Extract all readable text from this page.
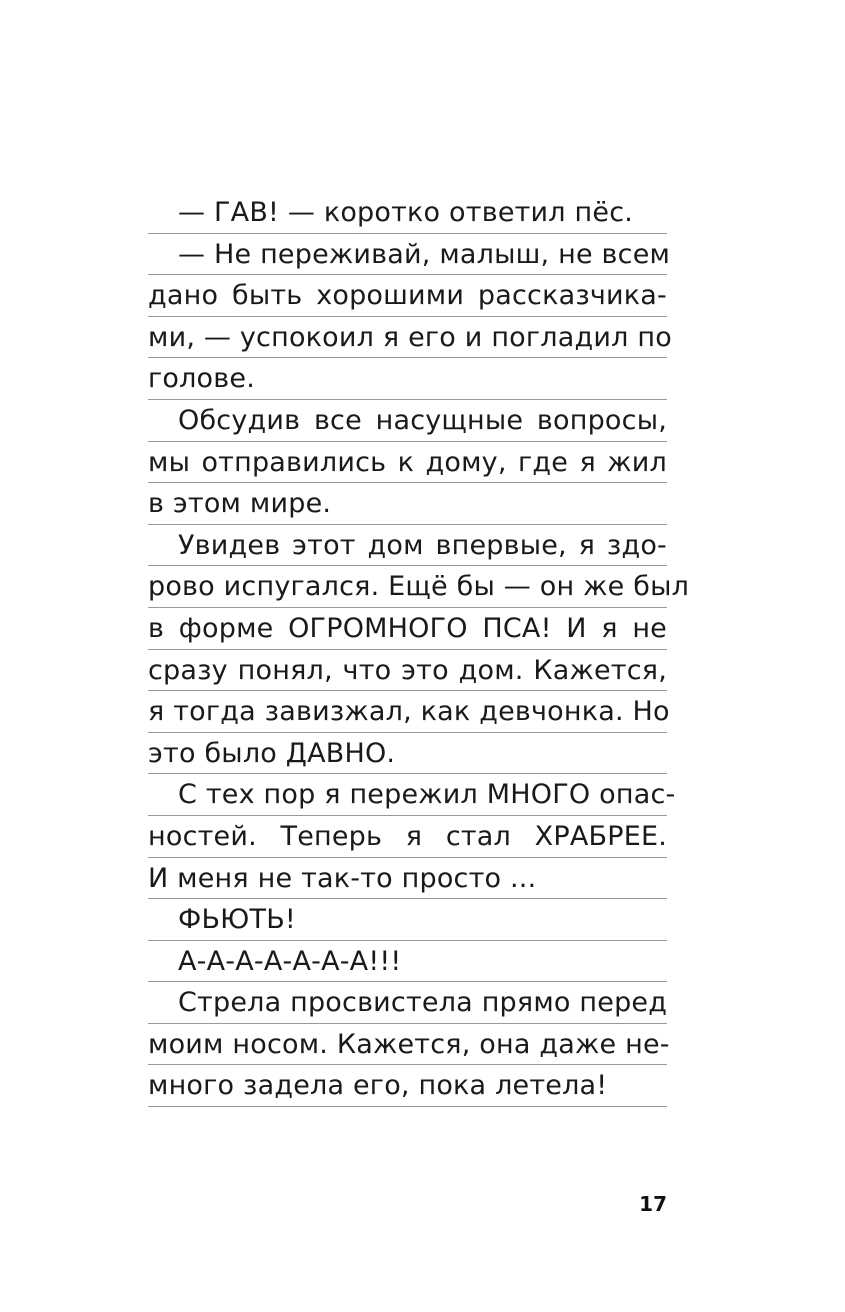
— ГАВ! — коротко ответил пёс.
— Не переживай, малыш, не всем
дано быть хорошими рассказчика-
ми, — успокоил я его и погладил по
голове.
Обсудив все насущные вопросы,
мы отправились к дому, где я жил
в этом мире.
Увидев этот дом впервые, я здо-
рово испугался. Ещё бы — он же был
в форме ОГРОМНОГО ПСА! И я не
сразу понял, что это дом. Кажется,
я тогда завизжал, как девчонка. Но
это было ДАВНО.
С тех пор я пережил МНОГО опас-
ностей. Теперь я стал ХРАБРЕЕ.
И меня не так-то просто ...
ФЬЮТЬ!
А-А-А-А-А-А-А!!!
Стрела просвистела прямо перед
моим носом. Кажется, она даже не-
много задела его, пока летела!
17
